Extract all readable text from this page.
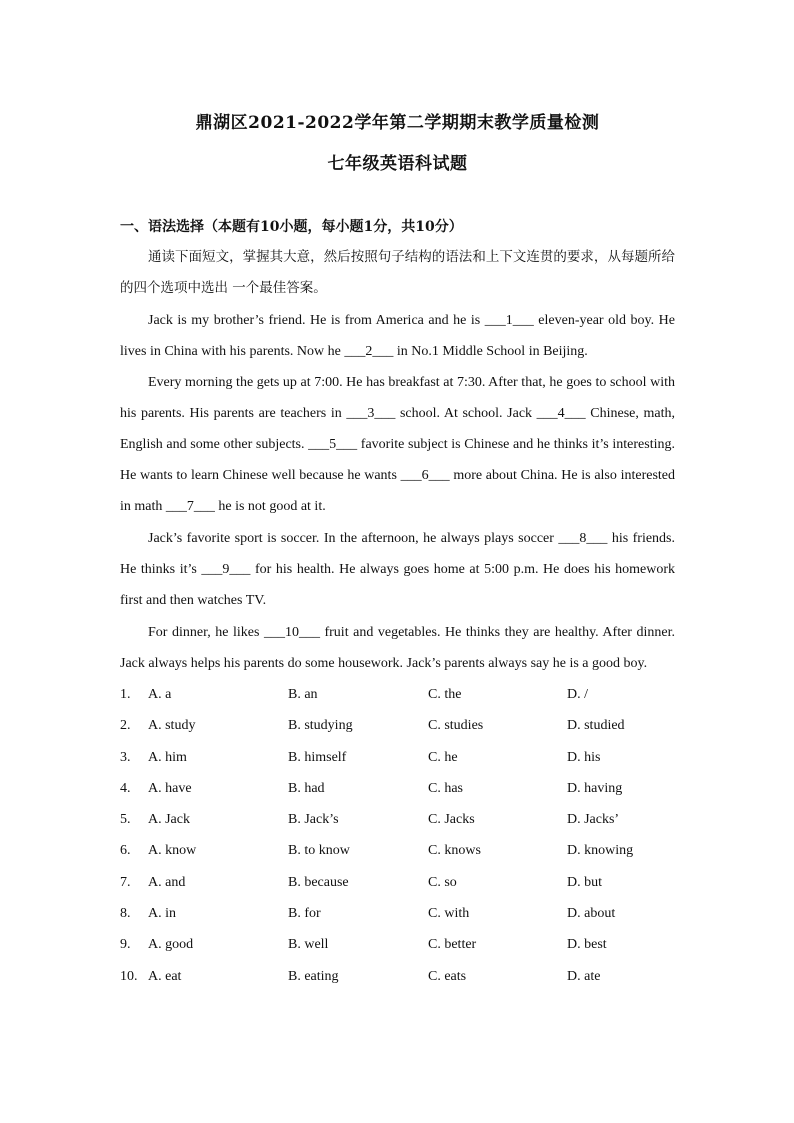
鼎湖区2021-2022学年第二学期期末教学质量检测
七年级英语科试题
一、语法选择（本题有10小题，每小题1分，共10分）

通读下面短文，掌握其大意，然后按照句子结构的语法和上下文连贯的要求，从每题所给的四个选项中选出 一个最佳答案。

Jack is my brother’s friend. He is from America and he is ___1___ eleven-year old boy. He lives in China with his parents. Now he ___2___ in No.1 Middle School in Beijing.

Every morning the gets up at 7:00. He has breakfast at 7:30. After that, he goes to school with his parents. His parents are teachers in ___3___ school. At school. Jack ___4___ Chinese, math, English and some other subjects. ___5___ favorite subject is Chinese and he thinks it’s interesting. He wants to learn Chinese well because he wants ___6___ more about China. He is also interested in math ___7___ he is not good at it.

Jack’s favorite sport is soccer. In the afternoon, he always plays soccer ___8___ his friends. He thinks it’s ___9___ for his health. He always goes home at 5:00 p.m. He does his homework first and then watches TV.

For dinner, he likes ___10___ fruit and vegetables. He thinks they are healthy. After dinner. Jack always helps his parents do some housework. Jack’s parents always say he is a good boy.

1. A. a	B. an	C. the	D. /
2. A. study	B. studying	C. studies	D. studied
3. A. him	B. himself	C. he	D. his
4. A. have	B. had	C. has	D. having
5. A. Jack	B. Jack’s	C. Jacks	D. Jacks’
6. A. know	B. to know	C. knows	D. knowing
7. A. and	B. because	C. so	D. but
8. A. in	B. for	C. with	D. about
9. A. good	B. well	C. better	D. best
10. A. eat	B. eating	C. eats	D. ate
